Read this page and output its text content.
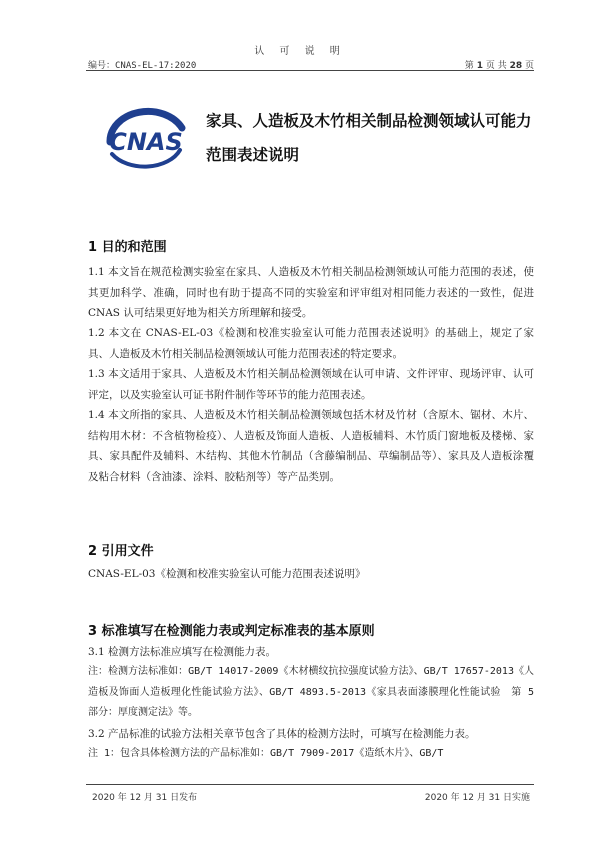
认 可 说 明
编号：CNAS-EL-17:2020	第 1 页 共 28 页
CNAS
家具、人造板及木竹相关制品检测领域认可能力范围表述说明
1 目的和范围
1.1 本文旨在规范检测实验室在家具、人造板及木竹相关制品检测领域认可能力范围的表述，使其更加科学、准确，同时也有助于提高不同的实验室和评审组对相同能力表述的一致性，促进 CNAS 认可结果更好地为相关方所理解和接受。
1.2 本文在 CNAS-EL-03《检测和校准实验室认可能力范围表述说明》的基础上，规定了家具、人造板及木竹相关制品检测领域认可能力范围表述的特定要求。
1.3 本文适用于家具、人造板及木竹相关制品检测领域在认可申请、文件评审、现场评审、认可评定，以及实验室认可证书附件制作等环节的能力范围表述。
1.4 本文所指的家具、人造板及木竹相关制品检测领域包括木材及竹材（含原木、锯材、木片、结构用木材：不含植物检疫）、人造板及饰面人造板、人造板辅料、木竹质门窗地板及楼梯、家具、家具配件及辅料、木结构、其他木竹制品（含藤编制品、草编制品等）、家具及人造板涂覆及粘合材料（含油漆、涂料、胶粘剂等）等产品类别。
2 引用文件
CNAS-EL-03《检测和校准实验室认可能力范围表述说明》
3 标准填写在检测能力表或判定标准表的基本原则
3.1 检测方法标准应填写在检测能力表。
注：检测方法标准如：GB/T 14017-2009《木材横纹抗拉强度试验方法》、GB/T 17657-2013《人造板及饰面人造板理化性能试验方法》、GB/T 4893.5-2013《家具表面漆膜理化性能试验　第 5 部分：厚度测定法》等。
3.2 产品标准的试验方法相关章节包含了具体的检测方法时，可填写在检测能力表。
注 1：包含具体检测方法的产品标准如：GB/T 7909-2017《造纸木片》、GB/T
2020 年 12 月 31 日发布	2020 年 12 月 31 日实施
